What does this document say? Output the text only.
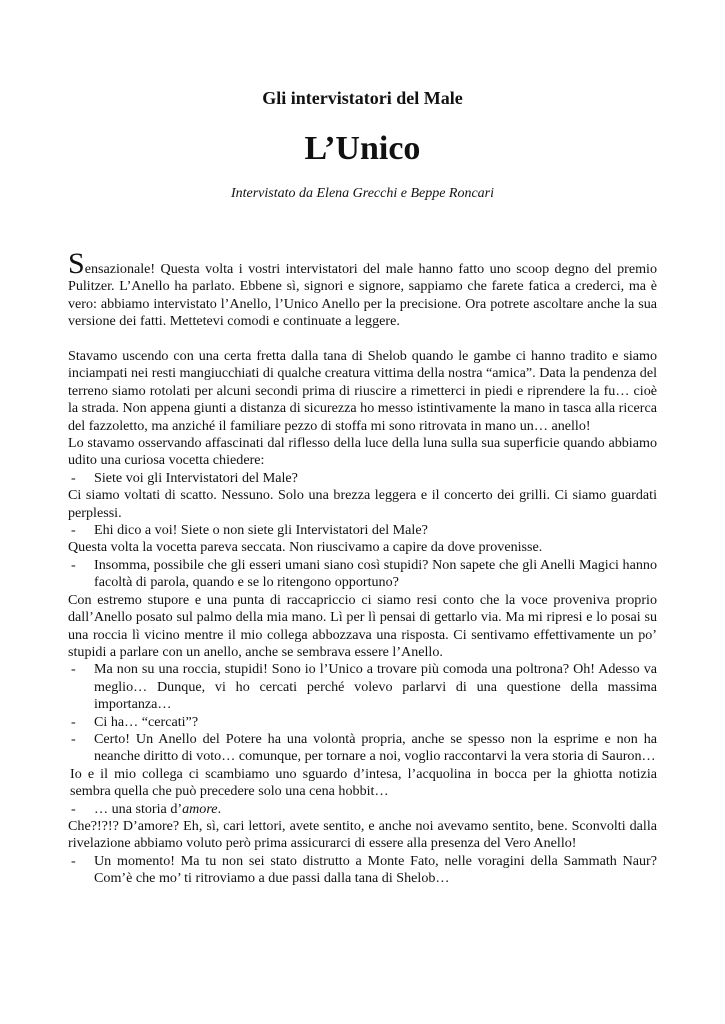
Gli intervistatori del Male
L’Unico
Intervistato da Elena Grecchi e Beppe Roncari

Sensazionale! Questa volta i vostri intervistatori del male hanno fatto uno scoop degno del premio Pulitzer. L’Anello ha parlato. Ebbene sì, signori e signore, sappiamo che farete fatica a crederci, ma è vero: abbiamo intervistato l’Anello, l’Unico Anello per la precisione. Ora potrete ascoltare anche la sua versione dei fatti. Mettetevi comodi e continuate a leggere.

Stavamo uscendo con una certa fretta dalla tana di Shelob quando le gambe ci hanno tradito e siamo inciampati nei resti mangiucchiati di qualche creatura vittima della nostra “amica”. Data la pendenza del terreno siamo rotolati per alcuni secondi prima di riuscire a rimetterci in piedi e riprendere la fu… cioè la strada. Non appena giunti a distanza di sicurezza ho messo istintivamente la mano in tasca alla ricerca del fazzoletto, ma anziché il familiare pezzo di stoffa mi sono ritrovata in mano un… anello!

Lo stavamo osservando affascinati dal riflesso della luce della luna sulla sua superficie quando abbiamo udito una curiosa vocetta chiedere:

- Siete voi gli Intervistatori del Male?

Ci siamo voltati di scatto. Nessuno. Solo una brezza leggera e il concerto dei grilli. Ci siamo guardati perplessi.

- Ehi dico a voi! Siete o non siete gli Intervistatori del Male?

Questa volta la vocetta pareva seccata. Non riuscivamo a capire da dove provenisse.

- Insomma, possibile che gli esseri umani siano così stupidi? Non sapete che gli Anelli Magici hanno facoltà di parola, quando e se lo ritengono opportuno?

Con estremo stupore e una punta di raccapriccio ci siamo resi conto che la voce proveniva proprio dall’Anello posato sul palmo della mia mano. Lì per lì pensai di gettarlo via. Ma mi ripresi e lo posai su una roccia lì vicino mentre il mio collega abbozzava una risposta. Ci sentivamo effettivamente un po’ stupidi a parlare con un anello, anche se sembrava essere l’Anello.

- Ma non su una roccia, stupidi! Sono io l’Unico a trovare più comoda una poltrona? Oh! Adesso va meglio… Dunque, vi ho cercati perché volevo parlarvi di una questione della massima importanza…

- Ci ha… “cercati”?

- Certo! Un Anello del Potere ha una volontà propria, anche se spesso non la esprime e non ha neanche diritto di voto… comunque, per tornare a noi, voglio raccontarvi la vera storia di Sauron…

Io e il mio collega ci scambiamo uno sguardo d’intesa, l’acquolina in bocca per la ghiotta notizia sembra quella che può precedere solo una cena hobbit…

- … una storia d’amore.

Che?!?!? D’amore? Eh, sì, cari lettori, avete sentito, e anche noi avevamo sentito, bene. Sconvolti dalla rivelazione abbiamo voluto però prima assicurarci di essere alla presenza del Vero Anello!

- Un momento! Ma tu non sei stato distrutto a Monte Fato, nelle voragini della Sammath Naur? Com’è che mo’ ti ritroviamo a due passi dalla tana di Shelob…
